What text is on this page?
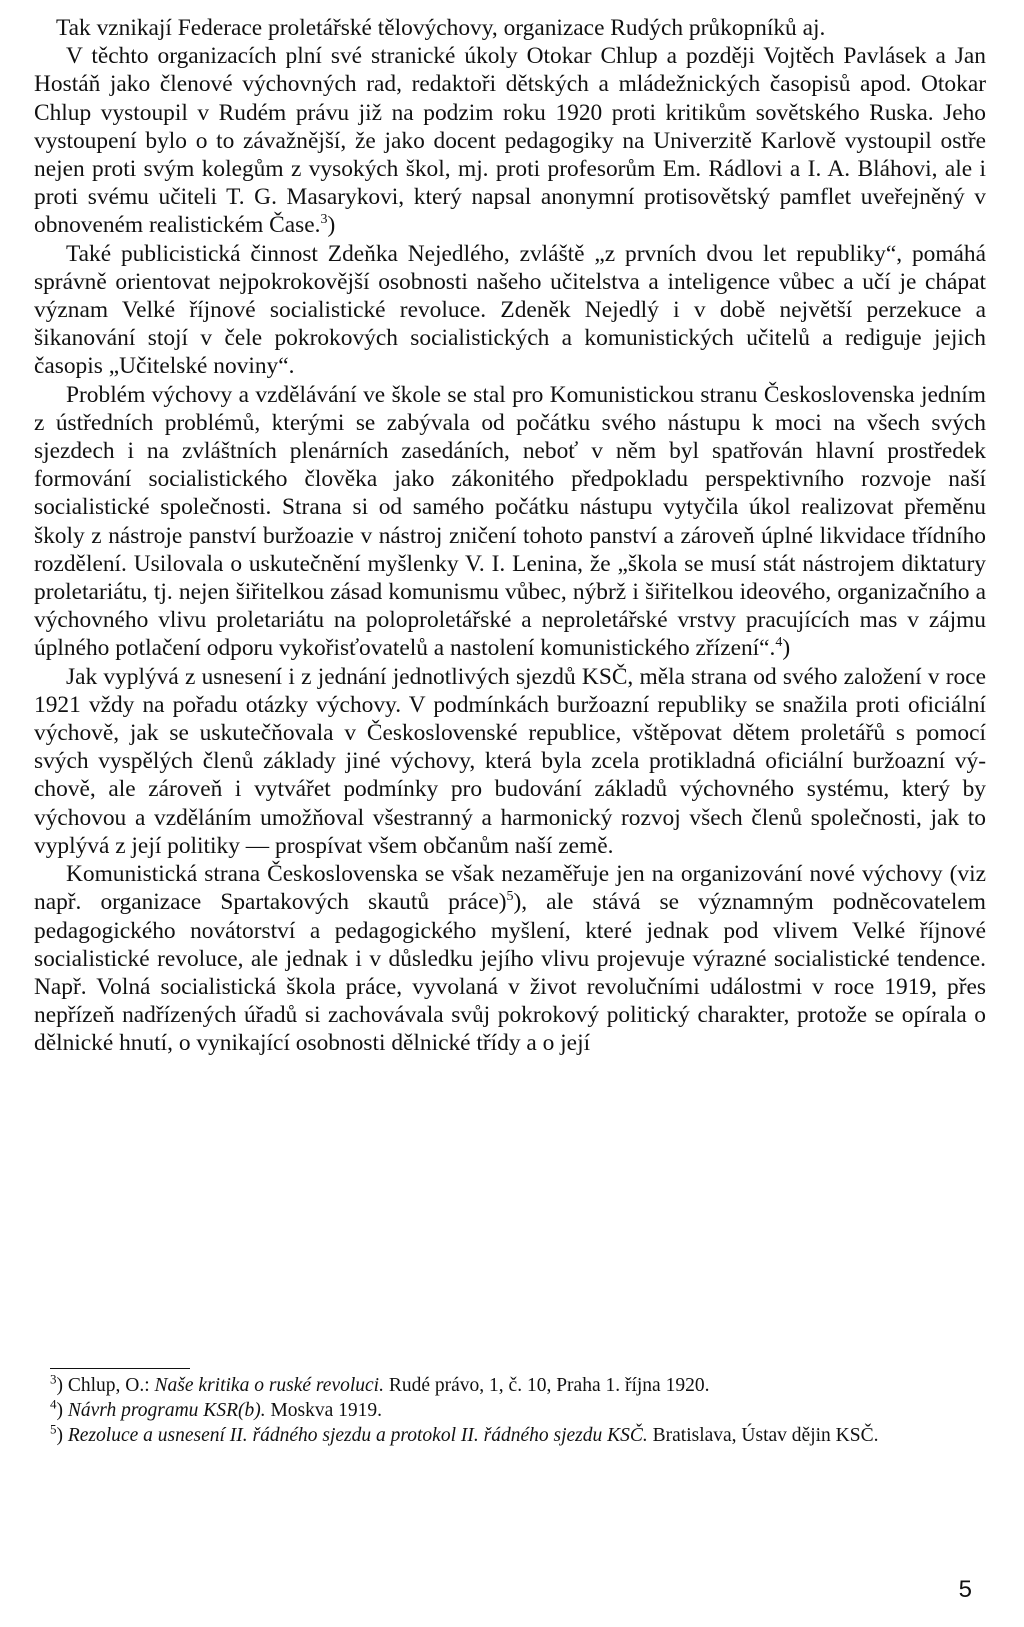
Tak vznikají Federace proletářské tělovýchovy, organizace Rudých průkopníků aj.

V těchto organizacích plní své stranické úkoly Otokar Chlup a později Vojtěch Pavlásek a Jan Hostáň jako členové výchovných rad, redaktoři dětských a mládežnických časopisů apod. Otokar Chlup vystoupil v Rudém právu již na podzim roku 1920 proti kritikům sovětského Ruska. Jeho vystoupení bylo o to závažnější, že jako docent pedagogiky na Univerzitě Karlově vystoupil ostře nejen proti svým kolegům z vysokých škol, mj. proti profesorům Em. Rádlovi a I. A. Bláhovi, ale i proti svému učiteli T. G. Masarykovi, který napsal anonymní protisovětský pamflet uveřejněný v obnoveném realistickém Čase.$^3$)

Také publicistická činnost Zdeňka Nejedlého, zvláště „z prvních dvou let republiky“, pomáhá správně orientovat nejpokrokovější osobnosti našeho učitelstva a inteligence vůbec a učí je chápat význam Velké říjnové socialistické revoluce. Zdeněk Nejedlý i v době největší perzekuce a šikanování stojí v čele pokrokových socialistických a komunistických učitelů a rediguje jejich časopis „Učitelské noviny“.

Problém výchovy a vzdělávání ve škole se stal pro Komunistickou stranu Československa jedním z ústředních problémů, kterými se zabývala od počátku svého nástupu k moci na všech svých sjezdech i na zvláštních plenárních zasedáních, neboť v něm byl spatřován hlavní prostředek formování socialistického člověka jako zákonitého předpokladu perspektivního rozvoje naší socialistické společnosti. Strana si od samého počátku nástupu vytyčila úkol realizovat přeměnu školy z nástroje panství buržoazie v nástroj zničení tohoto panství a zároveň úplné likvidace třídního rozdělení. Usilovala o uskutečnění myšlenky V. I. Lenina, že „škola se musí stát nástrojem diktatury proletariátu, tj. nejen šiřitelkou zásad komunismu vůbec, nýbrž i šiřitelkou ideového, organizačního a výchovného vlivu proletariátu na poloproletářské a neproletářské vrstvy pracujících mas v zájmu úplného potlačení odporu vykořisťovatelů a nastolení komunistického zřízení“.$^4$)

Jak vyplývá z usnesení i z jednání jednotlivých sjezdů KSČ, měla strana od svého založení v roce 1921 vždy na pořadu otázky výchovy. V podmínkách buržoazní republiky se snažila proti oficiální výchově, jak se uskutečňovala v Československé republice, vštěpovat dětem proletářů s pomocí svých vyspělých členů základy jiné výchovy, která byla zcela protikladná oficiální buržoazní výchově, ale zároveň i vytvářet podmínky pro budování základů výchovného systému, který by výchovou a vzděláním umožňoval všestranný a harmonický rozvoj všech členů společnosti, jak to vyplývá z její politiky — prospívat všem občanům naší země.

Komunistická strana Československa se však nezaměřuje jen na organizování nové výchovy (viz např. organizace Spartakových skautů práce)$^5$), ale stává se významným podněcovatelem pedagogického novátorství a pedagogického myšlení, které jednak pod vlivem Velké říjnové socialistické revoluce, ale jednak i v důsledku jejího vlivu projevuje výrazné socialistické tendence. Např. Volná socialistická škola práce, vyvolaná v život revolučními událostmi v roce 1919, přes nepřízeň nadřízených úřadů si zachovávala svůj pokrokový politický charakter, protože se opírala o dělnické hnutí, o vynikající osobnosti dělnické třídy a o její

$^3$) Chlup, O.: Naše kritika o ruské revoluci. Rudé právo, 1, č. 10, Praha 1. října 1920.

$^4$) Návrh programu KSR(b). Moskva 1919.

$^5$) Rezoluce a usnesení II. řádného sjezdu a protokol II. řádného sjezdu KSČ. Bratislava, Ústav dějin KSČ.

5
